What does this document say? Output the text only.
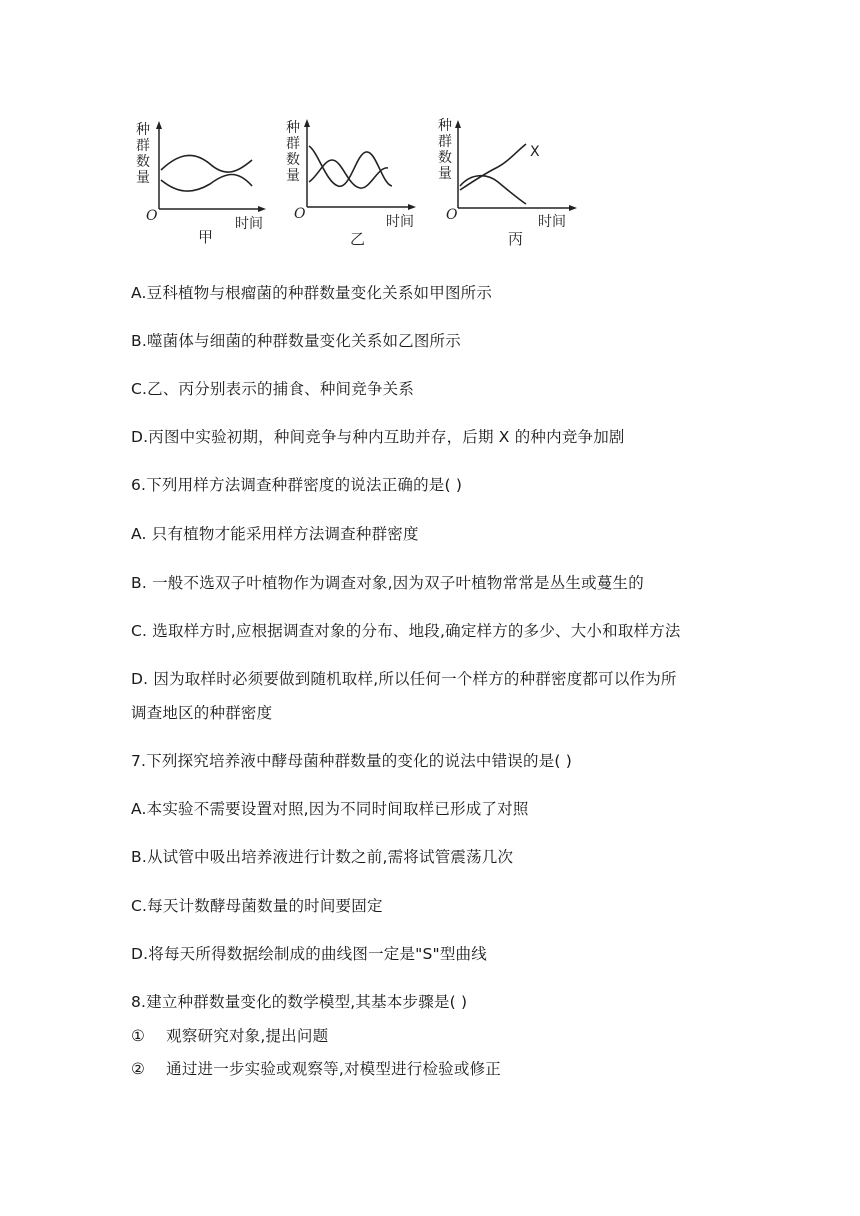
种
群
数
量
O	时间
甲
种
群
数
量
O	时间
乙
种
群
数
量
O	时间
X
丙
A.豆科植物与根瘤菌的种群数量变化关系如甲图所示
B.噬菌体与细菌的种群数量变化关系如乙图所示
C.乙、丙分别表示的捕食、种间竞争关系
D.丙图中实验初期，种间竞争与种内互助并存，后期 X 的种内竞争加剧
6.下列用样方法调查种群密度的说法正确的是( )
A. 只有植物才能采用样方法调查种群密度
B. 一般不选双子叶植物作为调查对象,因为双子叶植物常常是丛生或蔓生的
C. 选取样方时,应根据调查对象的分布、地段,确定样方的多少、大小和取样方法
D. 因为取样时必须要做到随机取样,所以任何一个样方的种群密度都可以作为所
调查地区的种群密度
7.下列探究培养液中酵母菌种群数量的变化的说法中错误的是( )
A.本实验不需要设置对照,因为不同时间取样已形成了对照
B.从试管中吸出培养液进行计数之前,需将试管震荡几次
C.每天计数酵母菌数量的时间要固定
D.将每天所得数据绘制成的曲线图一定是"S"型曲线
8.建立种群数量变化的数学模型,其基本步骤是( )
① 观察研究对象,提出问题
② 通过进一步实验或观察等,对模型进行检验或修正
